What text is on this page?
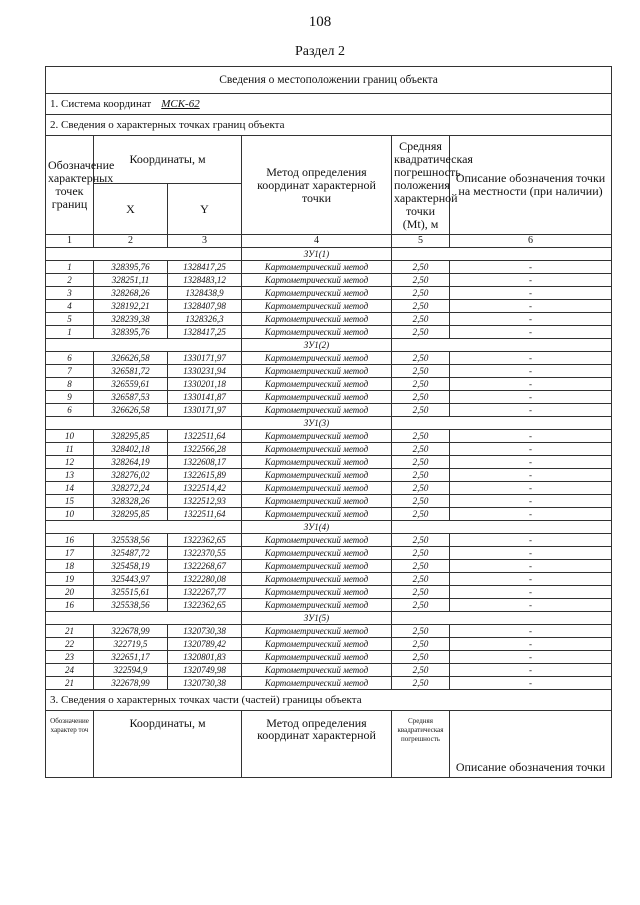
108
Раздел 2
Сведения о местоположении границ объекта					
1. Система координат МСК-62					
2. Сведения о характерных точках границ объекта					
Обозначение характерных точек границ	Координаты, м		Метод определения координат характерной точки	Средняя квадратическая погрешность положения характерной точки (Mt), м	Описание обозначения точки на местности (при наличии)
	X	Y			
1	2	3	4	5	6
			ЗУ1(1)		
1	328395,76	1328417,25	Картометрический метод	2,50	-
2	328251,11	1328483,12	Картометрический метод	2,50	-
3	328268,26	1328438,9	Картометрический метод	2,50	-
4	328192,21	1328407,98	Картометрический метод	2,50	-
5	328239,38	1328326,3	Картометрический метод	2,50	-
1	328395,76	1328417,25	Картометрический метод	2,50	-
			ЗУ1(2)		
6	326626,58	1330171,97	Картометрический метод	2,50	-
7	326581,72	1330231,94	Картометрический метод	2,50	-
8	326559,61	1330201,18	Картометрический метод	2,50	-
9	326587,53	1330141,87	Картометрический метод	2,50	-
6	326626,58	1330171,97	Картометрический метод	2,50	-
			ЗУ1(3)		
10	328295,85	1322511,64	Картометрический метод	2,50	-
11	328402,18	1322566,28	Картометрический метод	2,50	-
12	328264,19	1322608,17	Картометрический метод	2,50	-
13	328276,02	1322615,89	Картометрический метод	2,50	-
14	328272,24	1322514,42	Картометрический метод	2,50	-
15	328328,26	1322512,93	Картометрический метод	2,50	-
10	328295,85	1322511,64	Картометрический метод	2,50	-
			ЗУ1(4)		
16	325538,56	1322362,65	Картометрический метод	2,50	-
17	325487,72	1322370,55	Картометрический метод	2,50	-
18	325458,19	1322268,67	Картометрический метод	2,50	-
19	325443,97	1322280,08	Картометрический метод	2,50	-
20	325515,61	1322267,77	Картометрический метод	2,50	-
16	325538,56	1322362,65	Картометрический метод	2,50	-
			ЗУ1(5)		
21	322678,99	1320730,38	Картометрический метод	2,50	-
22	322719,5	1320789,42	Картометрический метод	2,50	-
23	322651,17	1320801,83	Картометрический метод	2,50	-
24	322594,9	1320749,98	Картометрический метод	2,50	-
21	322678,99	1320730,38	Картометрический метод	2,50	-
3. Сведения о характерных точках части (частей) границы объекта					
Обозначение характер точ	Координаты, м		Метод определения координат характерной	Средняя квадратическая погрешность	Описание обозначения точки
